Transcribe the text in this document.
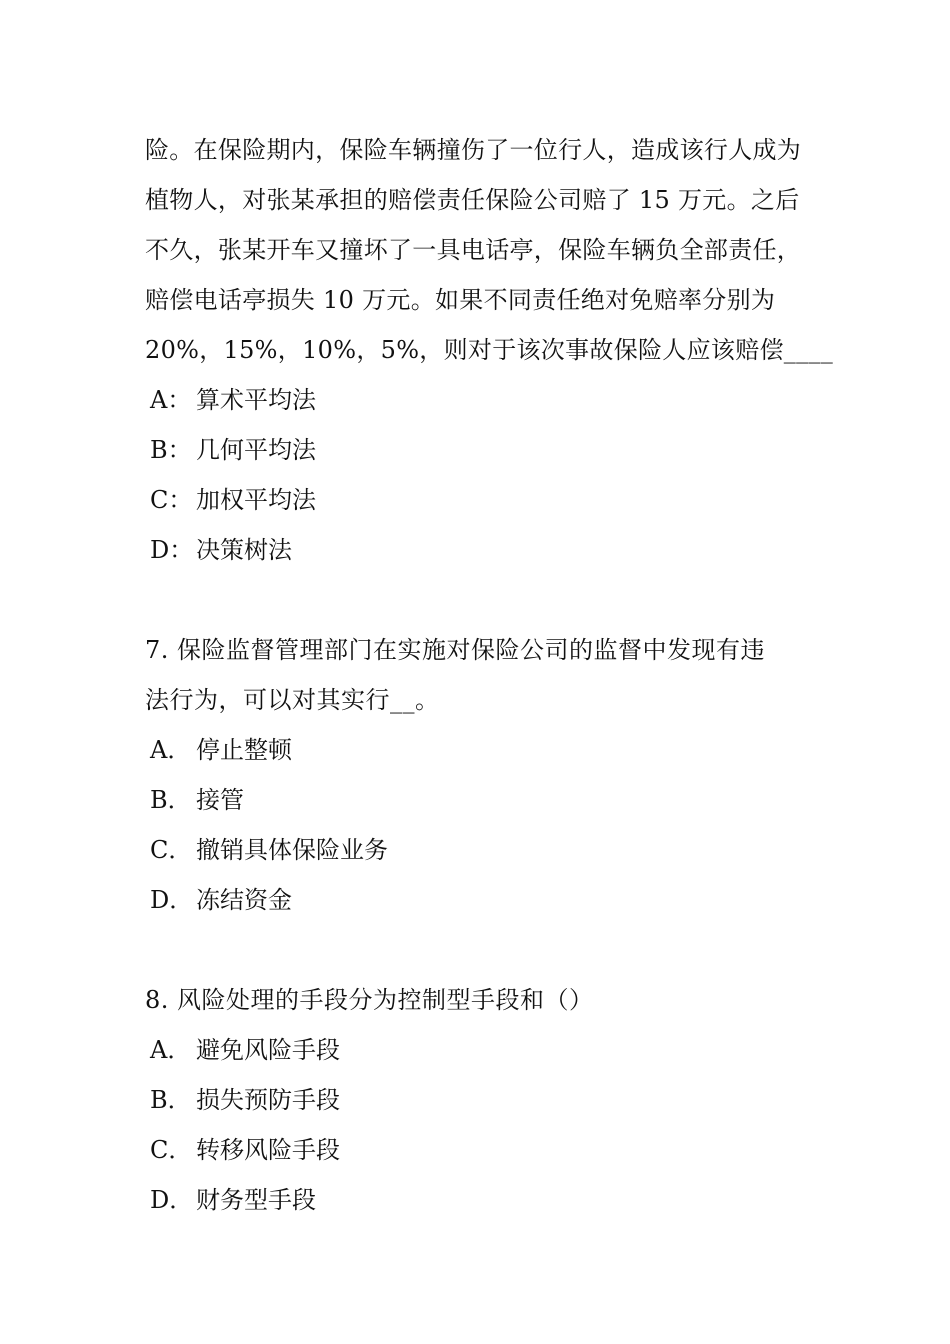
险。在保险期内，保险车辆撞伤了一位行人，造成该行人成为
植物人，对张某承担的赔偿责任保险公司赔了 15 万元。之后
不久，张某开车又撞坏了一具电话亭，保险车辆负全部责任，
赔偿电话亭损失 10 万元。如果不同责任绝对免赔率分别为
20%，15%，10%，5%，则对于该次事故保险人应该赔偿____
A： 算术平均法
B： 几何平均法
C： 加权平均法
D： 决策树法
7. 保险监督管理部门在实施对保险公司的监督中发现有违
法行为，可以对其实行__。
A． 停止整顿
B． 接管
C． 撤销具体保险业务
D． 冻结资金
8. 风险处理的手段分为控制型手段和（）
A． 避免风险手段
B． 损失预防手段
C． 转移风险手段
D． 财务型手段
